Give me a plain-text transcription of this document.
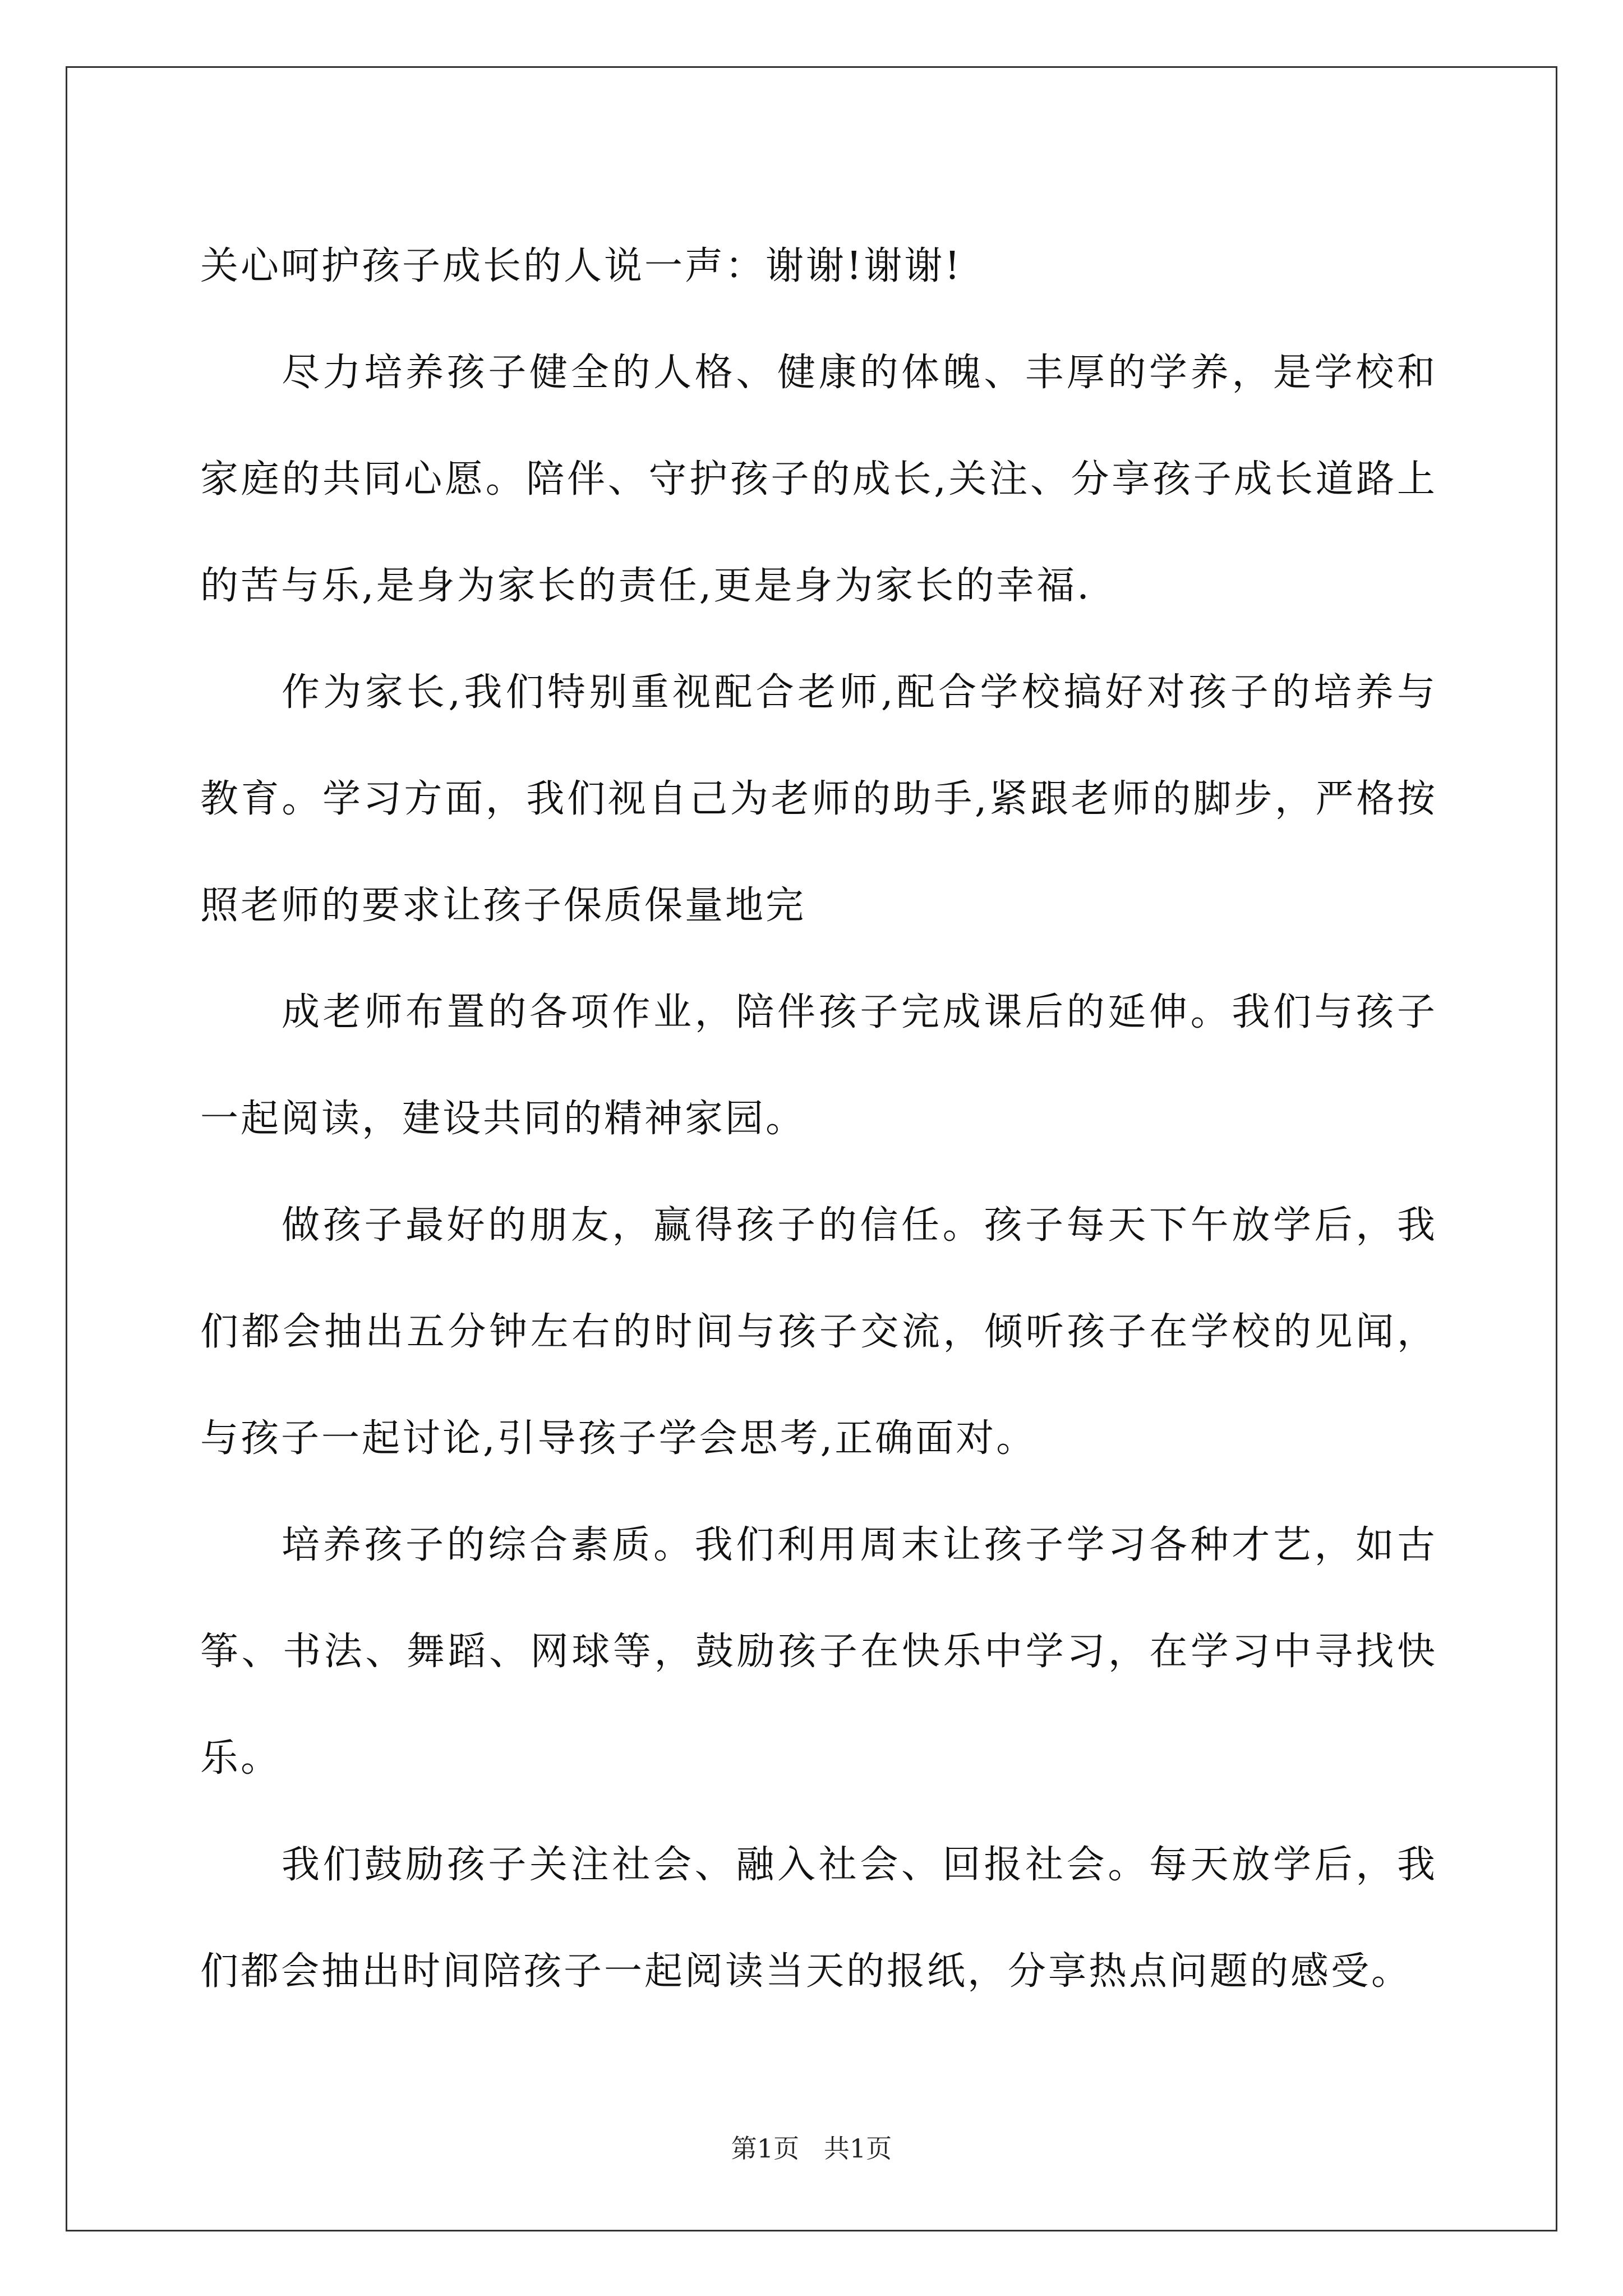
关心呵护孩子成长的人说一声：谢谢!谢谢!

尽力培养孩子健全的人格、健康的体魄、丰厚的学养，是学校和家庭的共同心愿。陪伴、守护孩子的成长,关注、分享孩子成长道路上的苦与乐,是身为家长的责任,更是身为家长的幸福.

作为家长,我们特别重视配合老师,配合学校搞好对孩子的培养与教育。学习方面，我们视自己为老师的助手,紧跟老师的脚步，严格按照老师的要求让孩子保质保量地完

成老师布置的各项作业，陪伴孩子完成课后的延伸。我们与孩子一起阅读，建设共同的精神家园。

做孩子最好的朋友，赢得孩子的信任。孩子每天下午放学后，我们都会抽出五分钟左右的时间与孩子交流，倾听孩子在学校的见闻，与孩子一起讨论,引导孩子学会思考,正确面对。

培养孩子的综合素质。我们利用周末让孩子学习各种才艺，如古筝、书法、舞蹈、网球等，鼓励孩子在快乐中学习，在学习中寻找快乐。

我们鼓励孩子关注社会、融入社会、回报社会。每天放学后，我们都会抽出时间陪孩子一起阅读当天的报纸，分享热点问题的感受。

第1页   共1页
